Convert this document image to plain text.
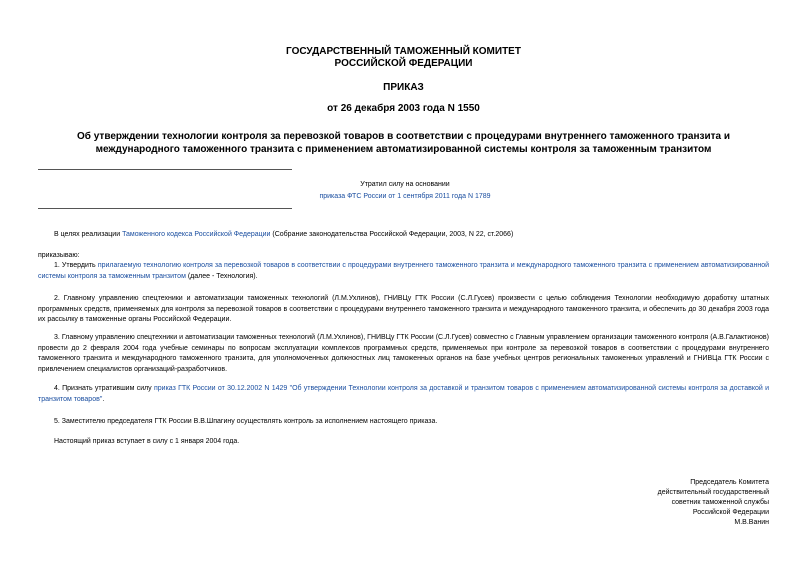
ГОСУДАРСТВЕННЫЙ ТАМОЖЕННЫЙ КОМИТЕТ
РОССИЙСКОЙ ФЕДЕРАЦИИ
ПРИКАЗ
от 26 декабря 2003 года N 1550
Об утверждении технологии контроля за перевозкой товаров в соответствии с процедурами внутреннего таможенного транзита и международного таможенного транзита с применением автоматизированной системы контроля за таможенным транзитом
Утратил силу на основании
приказа ФТС России от 1 сентября 2011 года N 1789
В целях реализации Таможенного кодекса Российской Федерации (Собрание законодательства Российской Федерации, 2003, N 22, ст.2066)
приказываю:
1. Утвердить прилагаемую технологию контроля за перевозкой товаров в соответствии с процедурами внутреннего таможенного транзита и международного таможенного транзита с применением автоматизированной системы контроля за таможенным транзитом (далее - Технология).
2. Главному управлению спецтехники и автоматизации таможенных технологий (Л.М.Ухлинов), ГНИВЦу ГТК России (С.Л.Гусев) произвести с целью соблюдения Технологии необходимую доработку штатных программных средств, применяемых для контроля за перевозкой товаров в соответствии с процедурами внутреннего таможенного транзита и международного таможенного транзита, и обеспечить до 30 декабря 2003 года их рассылку в таможенные органы Российской Федерации.
3. Главному управлению спецтехники и автоматизации таможенных технологий (Л.М.Ухлинов), ГНИВЦу ГТК России (С.Л.Гусев) совместно с Главным управлением организации таможенного контроля (А.В.Галактионов) провести до 2 февраля 2004 года учебные семинары по вопросам эксплуатации комплексов программных средств, применяемых при контроле за перевозкой товаров в соответствии с процедурами внутреннего таможенного транзита и международного таможенного транзита, для уполномоченных должностных лиц таможенных органов на базе учебных центров региональных таможенных управлений и ГНИВЦа ГТК России с привлечением специалистов организаций-разработчиков.
4. Признать утратившим силу приказ ГТК России от 30.12.2002 N 1429 "Об утверждении Технологии контроля за доставкой и транзитом товаров с применением автоматизированной системы контроля за доставкой и транзитом товаров".
5. Заместителю председателя ГТК России В.В.Шпагину осуществлять контроль за исполнением настоящего приказа.
Настоящий приказ вступает в силу с 1 января 2004 года.
Председатель Комитета
действительный государственный
советник таможенной службы
Российской Федерации
М.В.Ванин
